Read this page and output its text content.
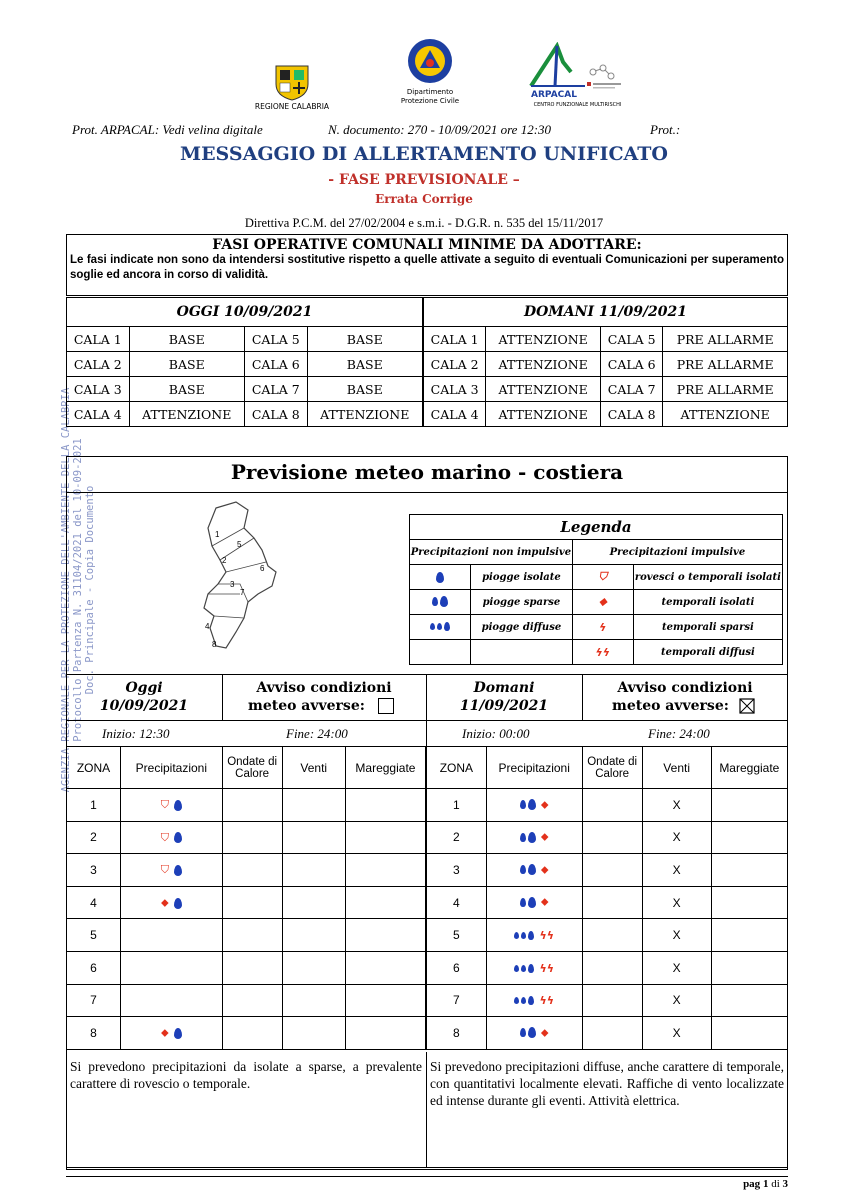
REGIONE CALABRIA
Dipartimento
Protezione Civile
ARPACAL
CENTRO FUNZIONALE MULTIRISCHI
Prot. ARPACAL: Vedi velina digitale	N. documento: 270 - 10/09/2021 ore 12:30	Prot.:
MESSAGGIO DI ALLERTAMENTO UNIFICATO
- FASE PREVISIONALE –
Errata Corrige
Direttiva P.C.M. del 27/02/2004 e s.m.i. - D.G.R. n. 535 del 15/11/2017
AGENZIA REGIONALE PER LA PROTEZIONE DELL'AMBIENTE DELLA CALABRIA Protocollo Partenza N. 31104/2021 del 10-09-2021 Doc. Principale - Copia Documento
FASI OPERATIVE COMUNALI MINIME DA ADOTTARE:
Le fasi indicate non sono da intendersi sostitutive rispetto a quelle attivate a seguito di eventuali Comunicazioni per superamento soglie ed ancora in corso di validità.
OGGI 10/09/2021			
CALA 1	BASE	CALA 5	BASE
CALA 2	BASE	CALA 6	BASE
CALA 3	BASE	CALA 7	BASE
CALA 4	ATTENZIONE	CALA 8	ATTENZIONE
DOMANI 11/09/2021			
CALA 1	ATTENZIONE	CALA 5	PRE ALLARME
CALA 2	ATTENZIONE	CALA 6	PRE ALLARME
CALA 3	ATTENZIONE	CALA 7	PRE ALLARME
CALA 4	ATTENZIONE	CALA 8	ATTENZIONE
Previsione meteo marino - costiera
1
5
2
6
3
7
4
8
Legenda			
Precipitazioni non impulsive		Precipitazioni impulsive	
	piogge isolate	⛉	rovesci o temporali isolati

	piogge sparse	⬥	temporali isolati

	piogge diffuse	ϟ	temporali sparsi
		ϟϟ	temporali diffusi
Oggi
10/09/2021
Avviso condizioni
meteo avverse:
Domani
11/09/2021
Avviso condizioni
meteo avverse:
Inizio: 12:30	Fine: 24:00	Inizio: 00:00	Fine: 24:00
ZONA	Precipitazioni	Ondate di
Calore	Venti	Mareggiate
1	⛉			

2	⛉			

3	⛉			

4	⬥			

5				
6				
7				
8	⬥			

ZONA	Precipitazioni	Ondate di
Calore	Venti	Mareggiate
1	⬥		X	
2	⬥		X	
3	⬥		X	
4	⬥		X	
5	ϟϟ		X	
6	ϟϟ		X	
7	ϟϟ		X	
8	⬥		X	
Si prevedono precipitazioni da isolate a sparse, a prevalente carattere di rovescio o temporale.
Si prevedono precipitazioni diffuse, anche carattere di temporale, con quantitativi localmente elevati. Raffiche di vento localizzate ed intense durante gli eventi. Attività elettrica.
pag 1 di 3
